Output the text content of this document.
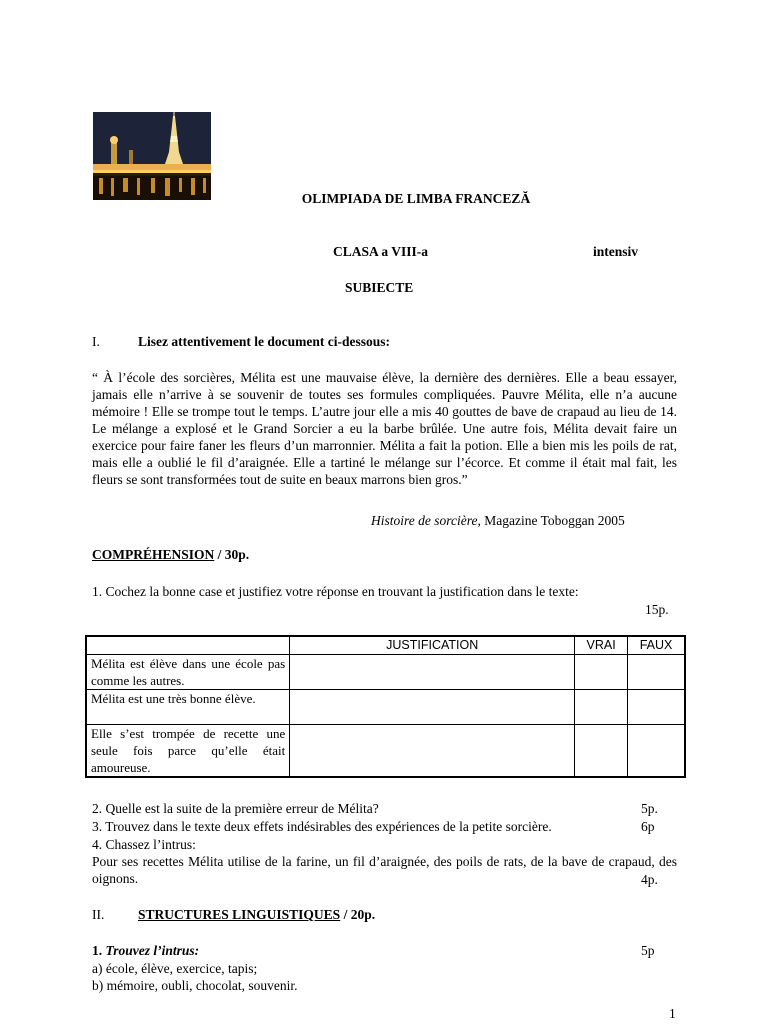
OLIMPIADA DE LIMBA FRANCEZĂ
CLASA a VIII-a	intensiv
SUBIECTE
I.	Lisez attentivement le document ci-dessous:
“ À l’école des sorcières, Mélita est une mauvaise élève, la dernière des dernières. Elle a beau essayer, jamais elle n’arrive à se souvenir de toutes ses formules compliquées. Pauvre Mélita, elle n’a aucune mémoire ! Elle se trompe tout le temps. L’autre jour elle a mis 40 gouttes de bave de crapaud au lieu de 14. Le mélange a explosé et le Grand Sorcier a eu la barbe brûlée. Une autre fois, Mélita devait faire un exercice pour faire faner les fleurs d’un marronnier. Mélita a fait la potion. Elle a bien mis les poils de rat, mais elle a oublié le fil d’araignée. Elle a tartiné le mélange sur l’écorce. Et comme il était mal fait, les fleurs se sont transformées tout de suite en beaux marrons bien gros.”
Histoire de sorcière, Magazine Toboggan 2005
COMPRÉHENSION / 30p.
1. Cochez la bonne case et justifiez votre réponse en trouvant la justification dans le texte:
15p.
	JUSTIFICATION	VRAI	FAUX
Mélita est élève dans une école pas comme les autres.			
Mélita est une très bonne élève.			
Elle s’est trompée de recette une seule fois parce qu’elle était amoureuse.			
2. Quelle est la suite de la première erreur de Mélita?	5p.
3. Trouvez dans le texte deux effets indésirables des expériences de la petite sorcière.	6p
4. Chassez l’intrus:
Pour ses recettes Mélita utilise de la farine, un fil d’araignée, des poils de rats, de la bave de crapaud, des oignons.	4p.
II. STRUCTURES LINGUISTIQUES / 20p.
1. Trouvez l’intrus:	5p
a) école, élève, exercice, tapis;
b) mémoire, oubli, chocolat, souvenir.
1
